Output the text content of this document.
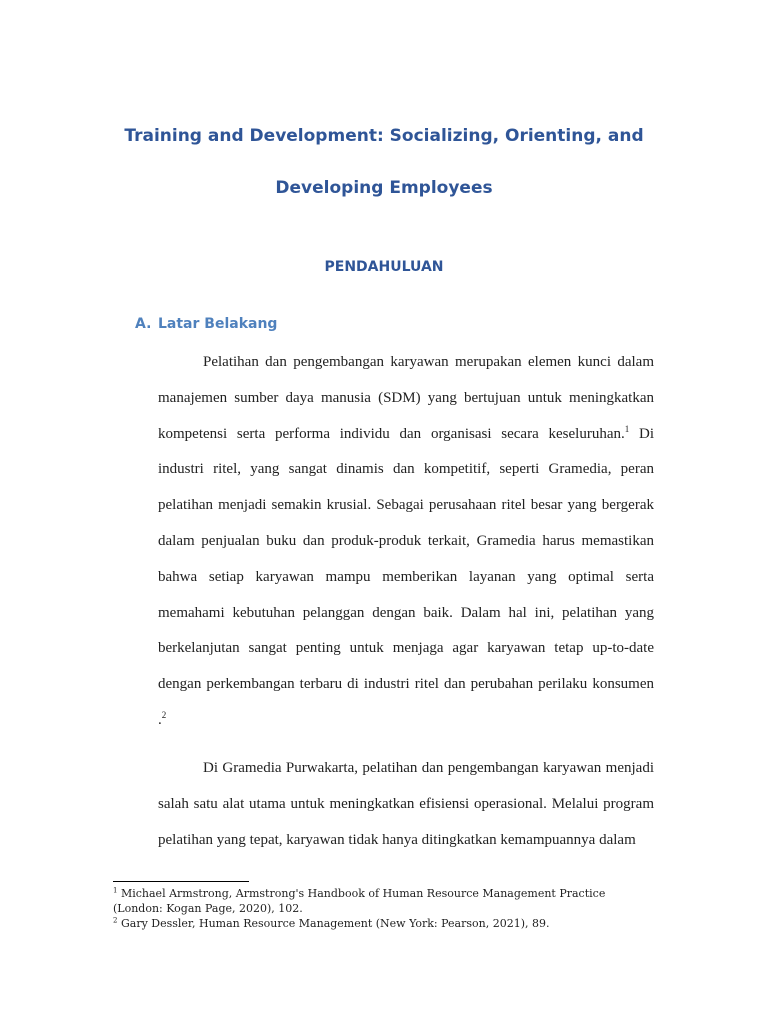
Training and Development: Socializing, Orienting, and
Developing Employees
PENDAHULUAN
A. Latar Belakang

Pelatihan dan pengembangan karyawan merupakan elemen kunci dalam manajemen sumber daya manusia (SDM) yang bertujuan untuk meningkatkan kompetensi serta performa individu dan organisasi secara keseluruhan.$^1$ Di industri ritel, yang sangat dinamis dan kompetitif, seperti Gramedia, peran pelatihan menjadi semakin krusial. Sebagai perusahaan ritel besar yang bergerak dalam penjualan buku dan produk-produk terkait, Gramedia harus memastikan bahwa setiap karyawan mampu memberikan layanan yang optimal serta memahami kebutuhan pelanggan dengan baik. Dalam hal ini, pelatihan yang berkelanjutan sangat penting untuk menjaga agar karyawan tetap up-to-date dengan perkembangan terbaru di industri ritel dan perubahan perilaku konsumen .$^2$

Di Gramedia Purwakarta, pelatihan dan pengembangan karyawan menjadi salah satu alat utama untuk meningkatkan efisiensi operasional. Melalui program pelatihan yang tepat, karyawan tidak hanya ditingkatkan kemampuannya dalam

$^1$ Michael Armstrong, Armstrong's Handbook of Human Resource Management Practice (London: Kogan Page, 2020), 102.

$^2$ Gary Dessler, Human Resource Management (New York: Pearson, 2021), 89.
